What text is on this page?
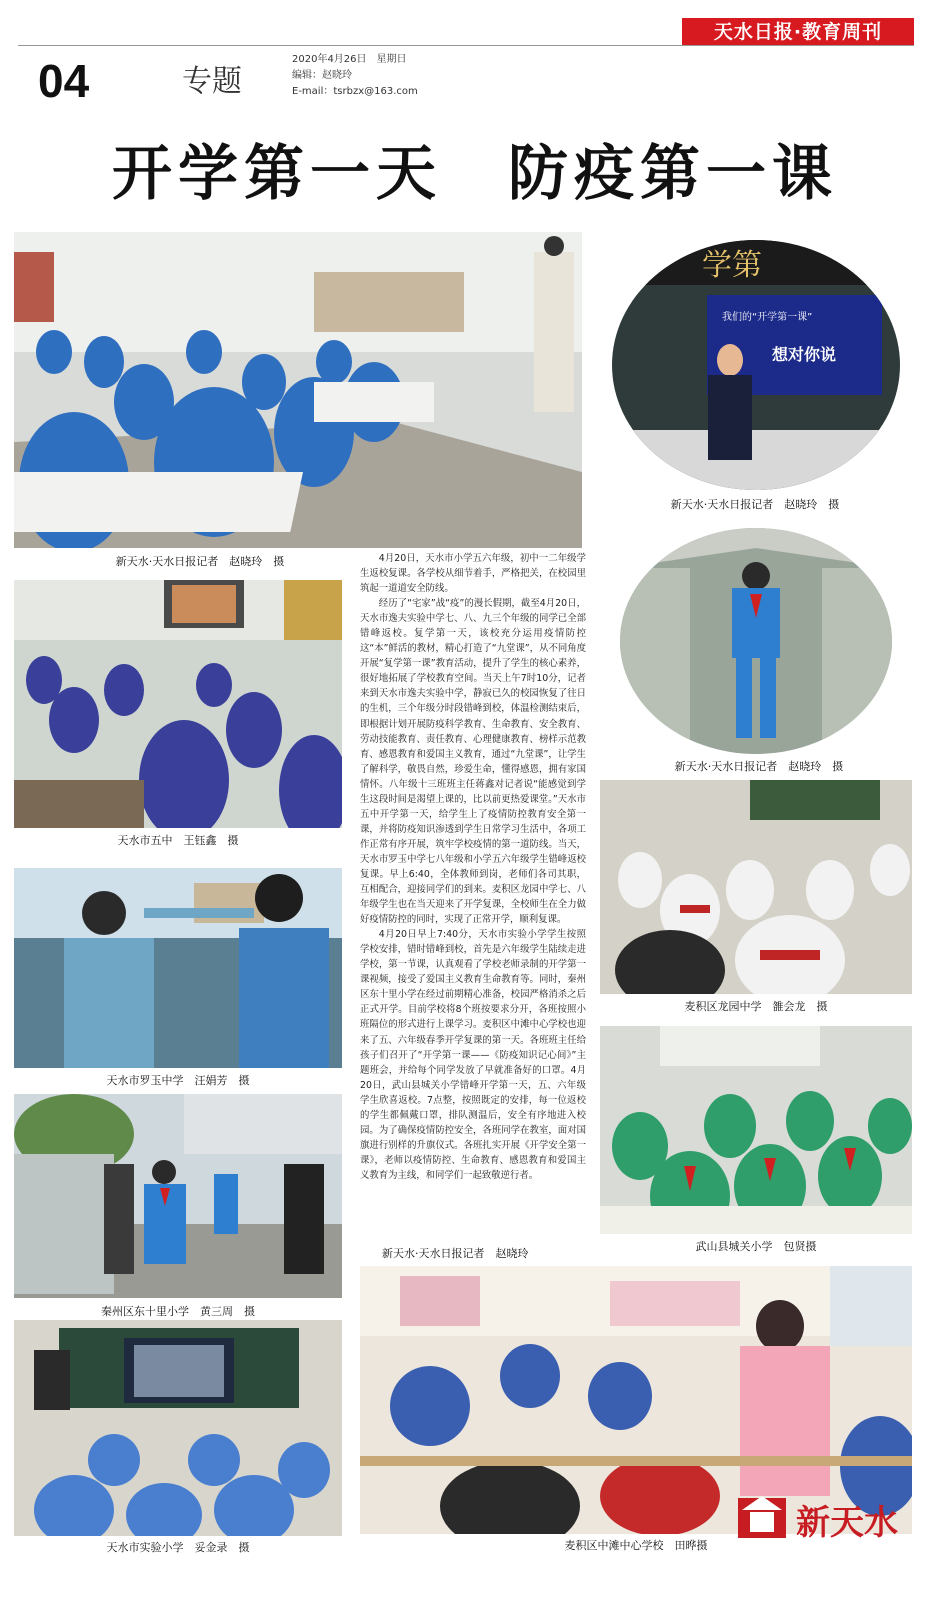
天水日报·教育周刊
04	专题
2020年4月26日　星期日
编辑：赵晓玲
E-mail：tsrbzx@163.com
开学第一天　防疫第一课
新天水·天水日报记者　赵晓玲　摄
学第
我们的“开学第一课”
想对你说
新天水·天水日报记者　赵晓玲　摄
天水市五中　王钰鑫　摄
新天水·天水日报记者　赵晓玲　摄
天水市罗玉中学　汪娟芳　摄
麦积区龙园中学　雒会龙　摄
秦州区东十里小学　黄三周　摄

4月20日，天水市小学五六年级，初中一二年级学生返校复课。各学校从细节着手，严格把关，在校园里筑起一道道安全防线。

经历了“宅家”战“疫”的漫长假期，截至4月20日，天水市逸夫实验中学七、八、九三个年级的同学已全部错峰返校。复学第一天，该校充分运用疫情防控这“本”鲜活的教材，精心打造了“九堂课”，从不同角度开展“复学第一课”教育活动，提升了学生的核心素养，很好地拓展了学校教育空间。当天上午7时10分，记者来到天水市逸夫实验中学，静寂已久的校园恢复了往日的生机，三个年级分时段错峰到校，体温检测结束后，即根据计划开展防疫科学教育、生命教育、安全教育、劳动技能教育、责任教育、心理健康教育、榜样示范教育、感恩教育和爱国主义教育，通过“九堂课”，让学生了解科学，敬畏自然，珍爱生命，懂得感恩，拥有家国情怀。八年级十三班班主任蒋鑫对记者说“能感觉到学生这段时间是渴望上课的，比以前更热爱课堂。”天水市五中开学第一天，给学生上了疫情防控教育安全第一课，并将防疫知识渗透到学生日常学习生活中，各项工作正常有序开展，筑牢学校疫情的第一道防线。当天，天水市罗玉中学七八年级和小学五六年级学生错峰返校复课。早上6:40，全体教师到岗，老师们各司其职，互相配合，迎接同学们的到来。麦积区龙园中学七、八年级学生也在当天迎来了开学复课，全校师生在全力做好疫情防控的同时，实现了正常开学，顺利复课。

4月20日早上7:40分，天水市实验小学学生按照学校安排，错时错峰到校，首先是六年级学生陆续走进学校，第一节课，认真观看了学校老师录制的开学第一课视频，接受了爱国主义教育生命教育等。同时，秦州区东十里小学在经过前期精心准备，校园严格消杀之后正式开学。目前学校将8个班按要求分开，各班按照小班隔位的形式进行上课学习。麦积区中滩中心学校也迎来了五、六年级春季开学复课的第一天。各班班主任给孩子们召开了“开学第一课——《防疫知识记心间》”主题班会，并给每个同学发放了早就准备好的口罩。4月20日，武山县城关小学错峰开学第一天，五、六年级学生欣喜返校。7点整，按照既定的安排，每一位返校的学生都佩戴口罩，排队测温后，安全有序地进入校园。为了确保疫情防控安全，各班同学在教室，面对国旗进行别样的升旗仪式。各班扎实开展《开学安全第一课》，老师以疫情防控、生命教育、感恩教育和爱国主义教育为主线，和同学们一起致敬逆行者。

新天水·天水日报记者　赵晓玲
武山县城关小学　包贤摄
天水市实验小学　妥金录　摄	麦积区中滩中心学校　田晔摄
新天水
